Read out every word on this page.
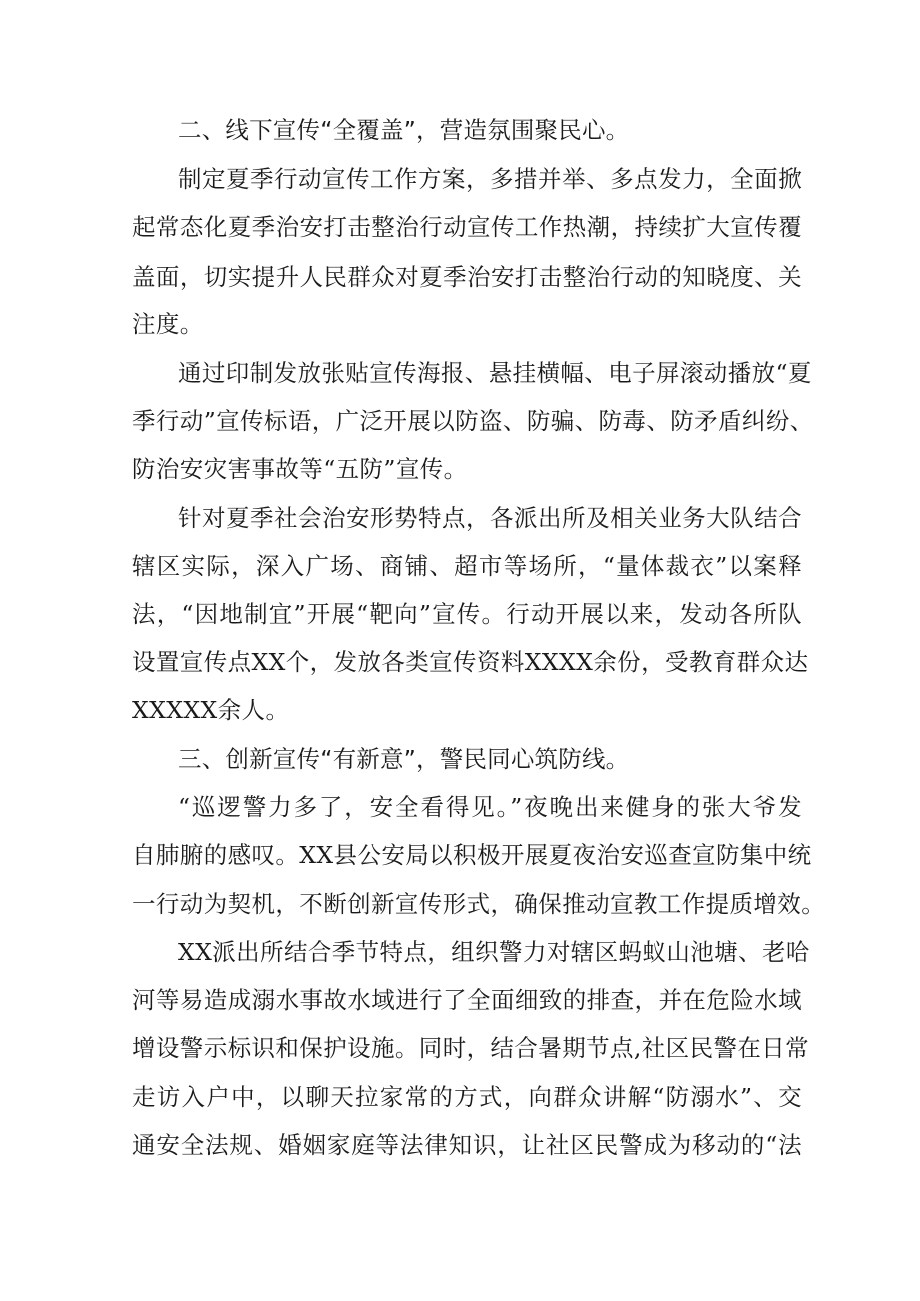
二、线下宣传“全覆盖”，营造氛围聚民心。
制定夏季行动宣传工作方案，多措并举、多点发力，全面掀
起常态化夏季治安打击整治行动宣传工作热潮，持续扩大宣传覆
盖面，切实提升人民群众对夏季治安打击整治行动的知晓度、关
注度。
通过印制发放张贴宣传海报、悬挂横幅、电子屏滚动播放“夏
季行动”宣传标语，广泛开展以防盗、防骗、防毒、防矛盾纠纷、
防治安灾害事故等“五防”宣传。
针对夏季社会治安形势特点，各派出所及相关业务大队结合
辖区实际，深入广场、商铺、超市等场所，“量体裁衣”以案释
法，“因地制宜”开展“靶向”宣传。行动开展以来，发动各所队
设置宣传点XX个，发放各类宣传资料XXXX余份，受教育群众达
XXXXX余人。
三、创新宣传“有新意”，警民同心筑防线。
“巡逻警力多了，安全看得见。”夜晚出来健身的张大爷发
自肺腑的感叹。XX县公安局以积极开展夏夜治安巡查宣防集中统
一行动为契机，不断创新宣传形式，确保推动宣教工作提质增效。
XX派出所结合季节特点，组织警力对辖区蚂蚁山池塘、老哈
河等易造成溺水事故水域进行了全面细致的排查，并在危险水域
增设警示标识和保护设施。同时，结合暑期节点,社区民警在日常
走访入户中，以聊天拉家常的方式，向群众讲解“防溺水”、交
通安全法规、婚姻家庭等法律知识，让社区民警成为移动的“法
